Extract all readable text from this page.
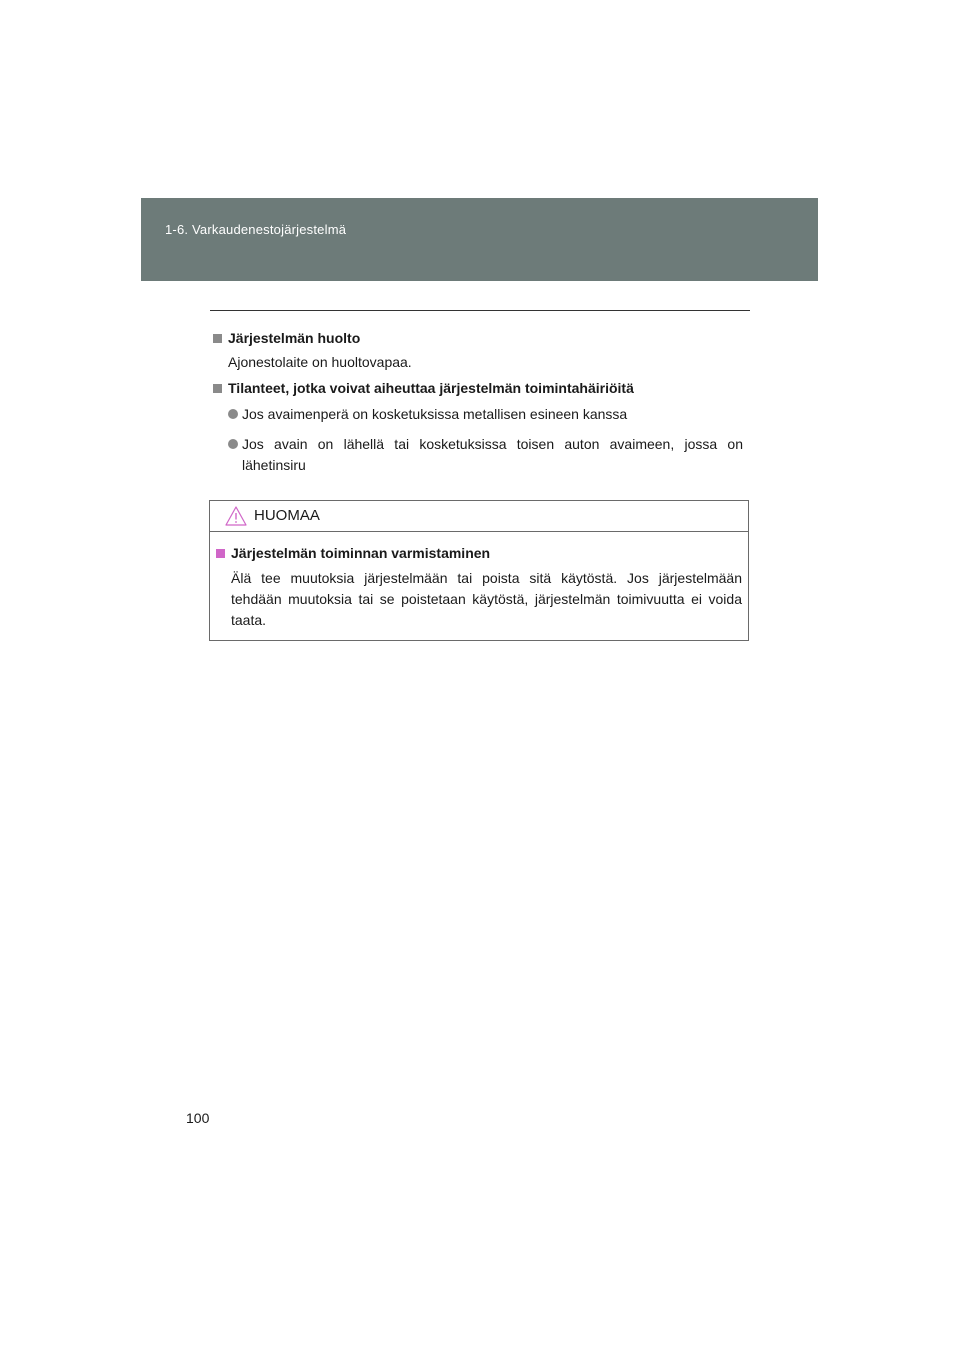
1-6. Varkaudenestojärjestelmä
Järjestelmän huolto
Ajonestolaite on huoltovapaa.
Tilanteet, jotka voivat aiheuttaa järjestelmän toimintahäiriöitä
Jos avaimenperä on kosketuksissa metallisen esineen kanssa
Jos avain on lähellä tai kosketuksissa toisen auton avaimeen, jossa on lähetinsiru
HUOMAA
Järjestelmän toiminnan varmistaminen
Älä tee muutoksia järjestelmään tai poista sitä käytöstä. Jos järjestelmään tehdään muutoksia tai se poistetaan käytöstä, järjestelmän toimivuutta ei voida taata.
100
